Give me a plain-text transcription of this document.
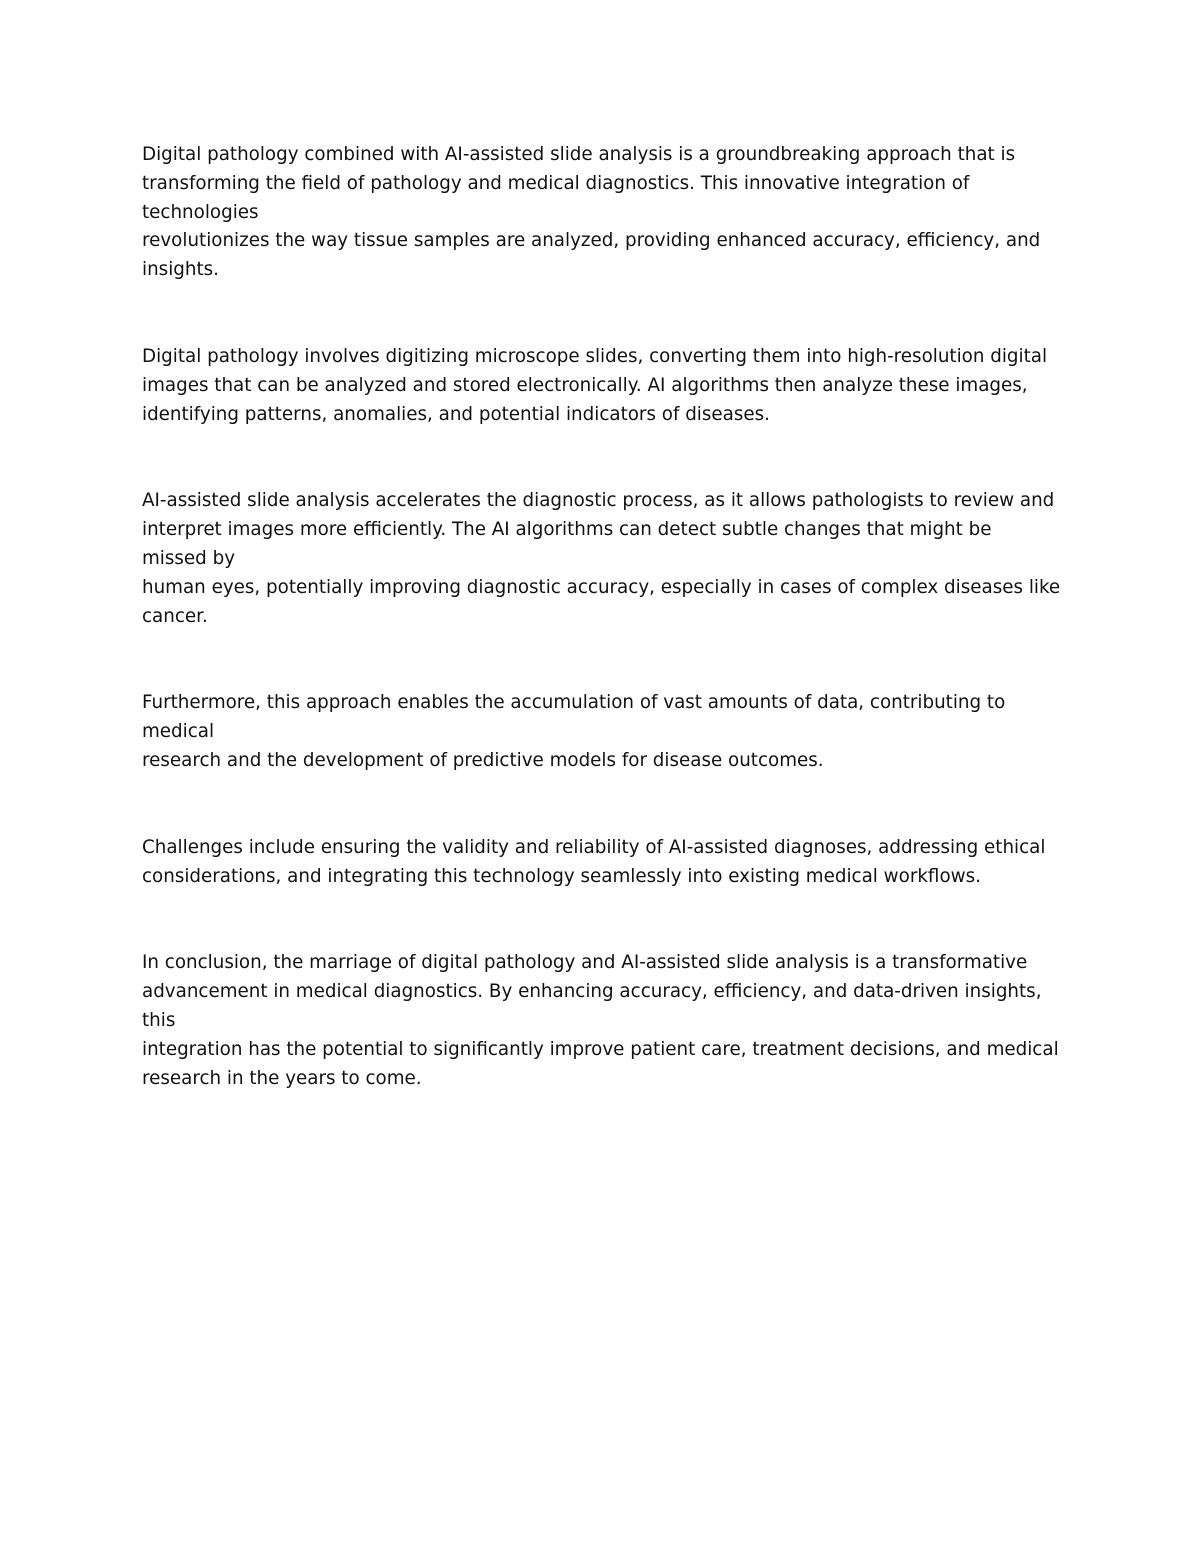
Digital pathology combined with AI-assisted slide analysis is a groundbreaking approach that is
transforming the field of pathology and medical diagnostics. This innovative integration of technologies
revolutionizes the way tissue samples are analyzed, providing enhanced accuracy, efficiency, and
insights.

Digital pathology involves digitizing microscope slides, converting them into high-resolution digital
images that can be analyzed and stored electronically. AI algorithms then analyze these images,
identifying patterns, anomalies, and potential indicators of diseases.

AI-assisted slide analysis accelerates the diagnostic process, as it allows pathologists to review and
interpret images more efficiently. The AI algorithms can detect subtle changes that might be missed by
human eyes, potentially improving diagnostic accuracy, especially in cases of complex diseases like
cancer.

Furthermore, this approach enables the accumulation of vast amounts of data, contributing to medical
research and the development of predictive models for disease outcomes.

Challenges include ensuring the validity and reliability of AI-assisted diagnoses, addressing ethical
considerations, and integrating this technology seamlessly into existing medical workflows.

In conclusion, the marriage of digital pathology and AI-assisted slide analysis is a transformative
advancement in medical diagnostics. By enhancing accuracy, efficiency, and data-driven insights, this
integration has the potential to significantly improve patient care, treatment decisions, and medical
research in the years to come.
